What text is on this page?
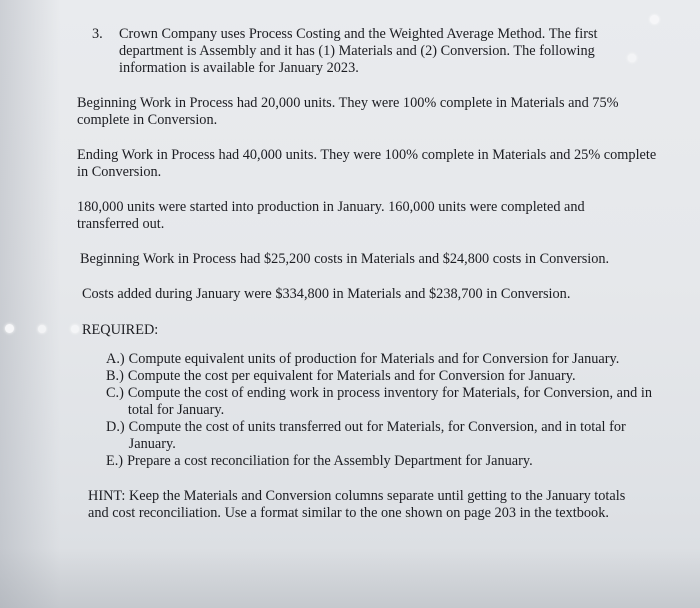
3. Crown Company uses Process Costing and the Weighted Average Method. The first department is Assembly and it has (1) Materials and (2) Conversion. The following information is available for January 2023.

Beginning Work in Process had 20,000 units. They were 100% complete in Materials and 75% complete in Conversion.

Ending Work in Process had 40,000 units. They were 100% complete in Materials and 25% complete in Conversion.

180,000 units were started into production in January. 160,000 units were completed and transferred out.

Beginning Work in Process had $25,200 costs in Materials and $24,800 costs in Conversion.

Costs added during January were $334,800 in Materials and $238,700 in Conversion.

REQUIRED:

A.) Compute equivalent units of production for Materials and for Conversion for January.
B.) Compute the cost per equivalent for Materials and for Conversion for January.
C.) Compute the cost of ending work in process inventory for Materials, for Conversion, and in total for January.
D.) Compute the cost of units transferred out for Materials, for Conversion, and in total for January.
E.) Prepare a cost reconciliation for the Assembly Department for January.

HINT: Keep the Materials and Conversion columns separate until getting to the January totals and cost reconciliation. Use a format similar to the one shown on page 203 in the textbook.
